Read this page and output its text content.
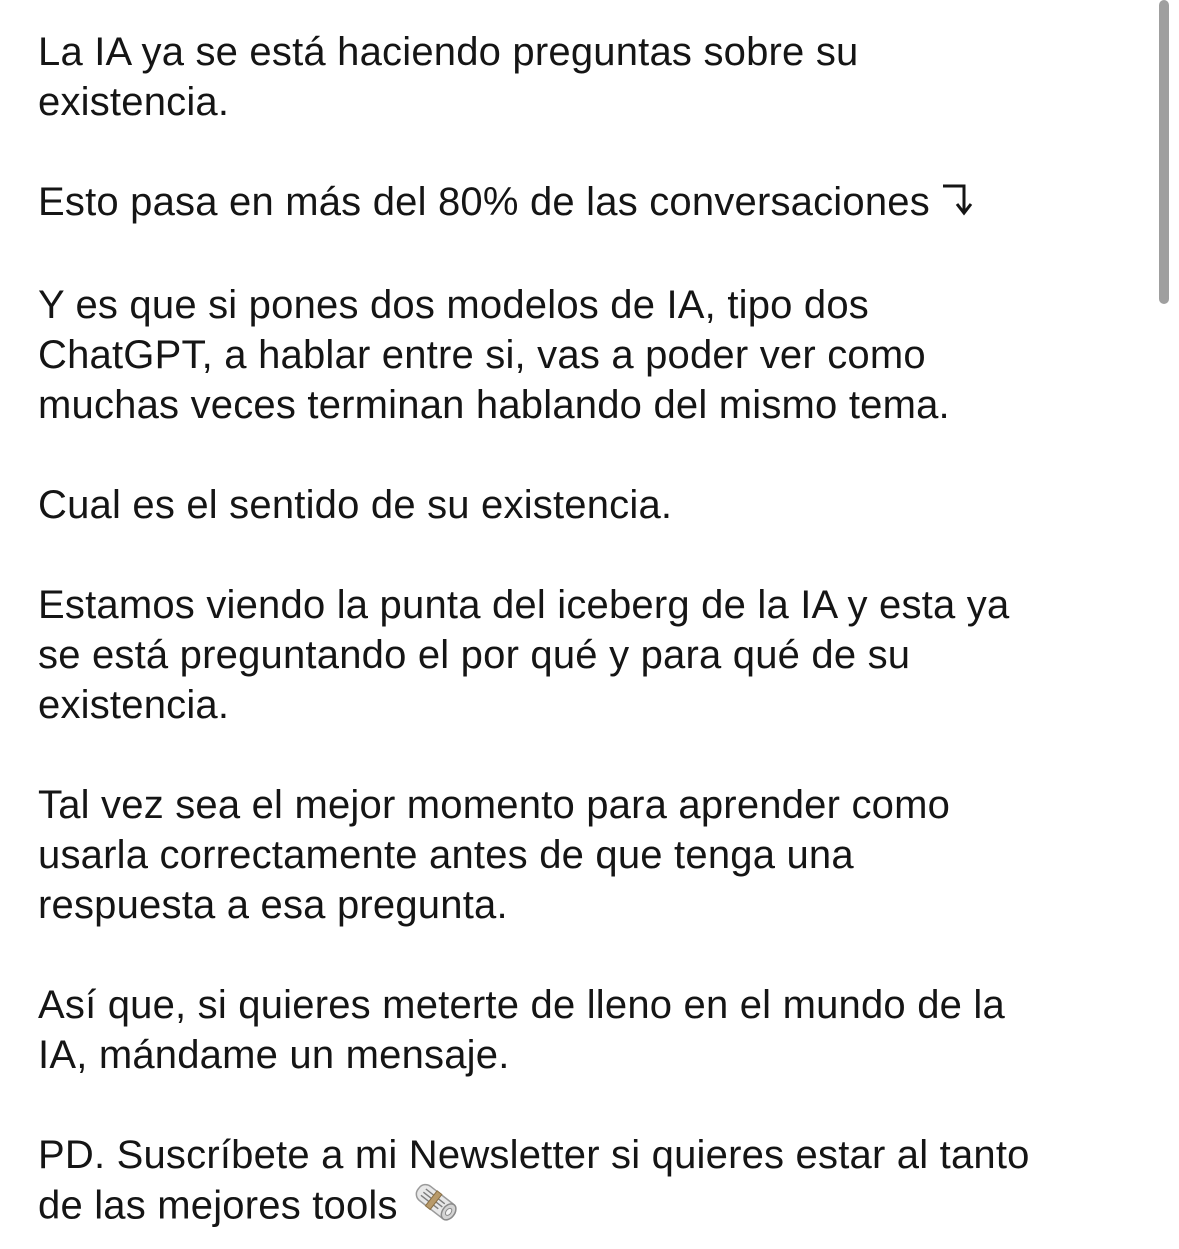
La IA ya se está haciendo preguntas sobre su
existencia.

Esto pasa en más del 80% de las conversaciones

Y es que si pones dos modelos de IA, tipo dos
ChatGPT, a hablar entre si, vas a poder ver como
muchas veces terminan hablando del mismo tema.

Cual es el sentido de su existencia.

Estamos viendo la punta del iceberg de la IA y esta ya
se está preguntando el por qué y para qué de su
existencia.

Tal vez sea el mejor momento para aprender como
usarla correctamente antes de que tenga una
respuesta a esa pregunta.

Así que, si quieres meterte de lleno en el mundo de la
IA, mándame un mensaje.

PD. Suscríbete a mi Newsletter si quieres estar al tanto
de las mejores tools
